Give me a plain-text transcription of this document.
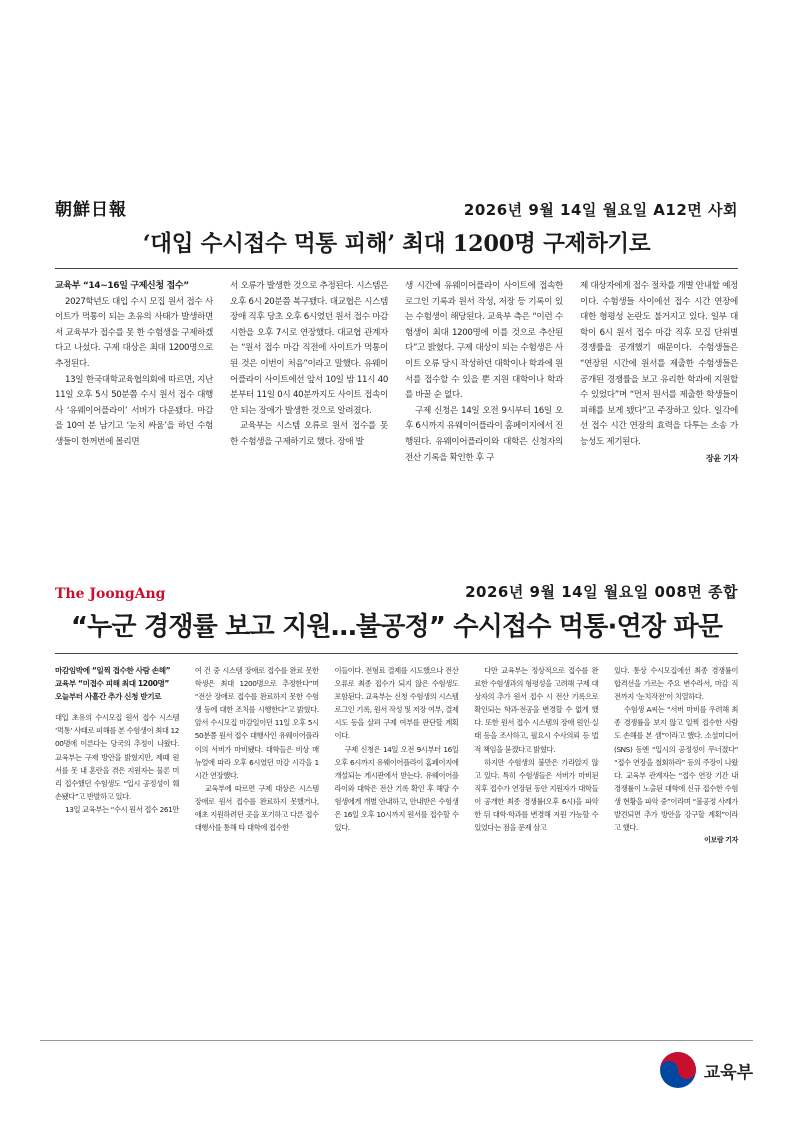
朝鮮日報	2026년 9월 14일 월요일 A12면 사회
‘대입 수시접수 먹통 피해’ 최대 1200명 구제하기로

교육부 “14~16일 구제신청 접수”

2027학년도 대입 수시 모집 원서 접수 사이트가 먹통이 되는 초유의 사태가 발생하면서 교육부가 접수를 못 한 수험생을 구제하겠다고 나섰다. 구제 대상은 최대 1200명으로 추정된다.

13일 한국대학교육협의회에 따르면, 지난 11일 오후 5시 50분쯤 수시 원서 접수 대행사 ‘유웨이어플라이’ 서버가 다운됐다. 마감을 10여 분 남기고 ‘눈치 싸움’을 하던 수험생들이 한꺼번에 몰리면

서 오류가 발생한 것으로 추정된다. 시스템은 오후 6시 20분쯤 복구됐다. 대교협은 시스템 장애 직후 당초 오후 6시였던 원서 접수 마감 시한을 오후 7시로 연장했다. 대교협 관계자는 “원서 접수 마감 직전에 사이트가 먹통이 된 것은 이번이 처음”이라고 말했다. 유웨이어플라이 사이트에선 앞서 10일 밤 11시 40분부터 11일 0시 40분까지도 사이트 접속이 안 되는 장애가 발생한 것으로 알려졌다.

교육부는 시스템 오류로 원서 접수를 못 한 수험생을 구제하기로 했다. 장애 발

생 시간에 유웨이어플라이 사이트에 접속한 로그인 기록과 원서 작성, 저장 등 기록이 있는 수험생이 해당된다. 교육부 측은 “이런 수험생이 최대 1200명에 이를 것으로 추산된다”고 밝혔다. 구제 대상이 되는 수험생은 사이트 오류 당시 작성하던 대학이나 학과에 원서를 접수할 수 있을 뿐 지원 대학이나 학과를 바꿀 순 없다.

구제 신청은 14일 오전 9시부터 16일 오후 6시까지 유웨이어플라이 홈페이지에서 진행된다. 유웨이어플라이와 대학은 신청자의 전산 기록을 확인한 후 구

제 대상자에게 접수 절차를 개별 안내할 예정이다. 수험생들 사이에선 접수 시간 연장에 대한 형평성 논란도 불거지고 있다. 일부 대학이 6시 원서 접수 마감 직후 모집 단위별 경쟁률을 공개했기 때문이다. 수험생들은 “연장된 시간에 원서를 제출한 수험생들은 공개된 경쟁률을 보고 유리한 학과에 지원할 수 있었다”며 “먼저 원서를 제출한 학생들이 피해를 보게 됐다”고 주장하고 있다. 일각에선 접수 시간 연장의 효력을 다투는 소송 가능성도 제기된다.

장윤 기자
The JoongAng	2026년 9월 14일 월요일 008면 종합
“누군 경쟁률 보고 지원…불공정” 수시접수 먹통·연장 파문

마감임박에 “일찍 접수한 사람 손해”

교육부 “미접수 피해 최대 1200명”

오늘부터 사흘간 추가 신청 받기로

대입 초유의 수시모집 원서 접수 시스템 ‘먹통’ 사태로 피해를 본 수험생이 최대 1200명에 이른다는 당국의 추정이 나왔다. 교육부는 구제 방안을 밝혔지만, 제때 원서를 못 내 혼란을 겪은 지원자는 물론 미리 접수했던 수험생도 “입시 공정성이 훼손됐다”고 반발하고 있다.

13일 교육부는 “수시 원서 접수 261만

여 건 중 시스템 장애로 접수를 완료 못한 학생은 최대 1200명으로 추정한다”며 “전산 장애로 접수를 완료하지 못한 수험생 등에 대한 조치를 시행한다”고 밝혔다. 앞서 수시모집 마감일이던 11일 오후 5시50분쯤 원서 접수 대행사인 유웨이어플라이의 서버가 마비됐다. 대학들은 비상 매뉴얼에 따라 오후 6시였던 마감 시각을 1시간 연장했다.

교육부에 따르면 구제 대상은 시스템 장애로 원서 접수를 완료하지 못했거나, 애초 지원하려던 곳을 포기하고 다른 접수 대행사를 통해 타 대학에 접수한

이들이다. 전형료 결제를 시도했으나 전산 오류로 최종 접수가 되지 않은 수험생도 포함된다. 교육부는 신청 수험생의 시스템 로그인 기록, 원서 작성 및 저장 여부, 결제 시도 등을 살펴 구제 여부를 판단할 계획이다.

구제 신청은 14일 오전 9시부터 16일 오후 6시까지 유웨이어플라이 홈페이지에 개설되는 게시판에서 받는다. 유웨이어플라이와 대학은 전산 기록 확인 후 해당 수험생에게 개별 안내하고, 안내받은 수험생은 16일 오후 10시까지 원서를 접수할 수 있다.

다만 교육부는 정상적으로 접수를 완료한 수험생과의 형평성을 고려해 구제 대상자의 추가 원서 접수 시 전산 기록으로 확인되는 학과·전공을 변경할 수 없게 했다. 또한 원서 접수 시스템의 장애 원인·실태 등을 조사하고, 필요시 수사의뢰 등 법적 책임을 묻겠다고 밝혔다.

하지만 수험생의 불만은 가라앉지 않고 있다. 특히 수험생들은 서버가 마비된 직후 접수가 연장된 동안 지원자가 대학들이 공개한 최종 경쟁률(오후 6시)을 파악한 뒤 대학·학과를 변경해 지원 가능할 수 있었다는 점을 문제 삼고

있다. 통상 수시모집에선 최종 경쟁률이 합격선을 가르는 주요 변수라서, 마감 직전까지 ‘눈치작전’이 치열하다.

수험생 A씨는 “서버 마비를 우려해 최종 경쟁률을 보지 않고 일찍 접수한 사람도 손해를 본 셈”이라고 했다. 소셜미디어(SNS) 등엔 “입시의 공정성이 무너졌다” “접수 연장을 철회하라” 등의 주장이 나왔다. 교육부 관계자는 “접수 연장 기간 내 경쟁률이 노출된 대학에 신규 접수한 수험생 현황을 파악 중”이라며 “불공정 사례가 발견되면 추가 방안을 강구할 계획”이라고 했다.

이보람 기자
교육부
